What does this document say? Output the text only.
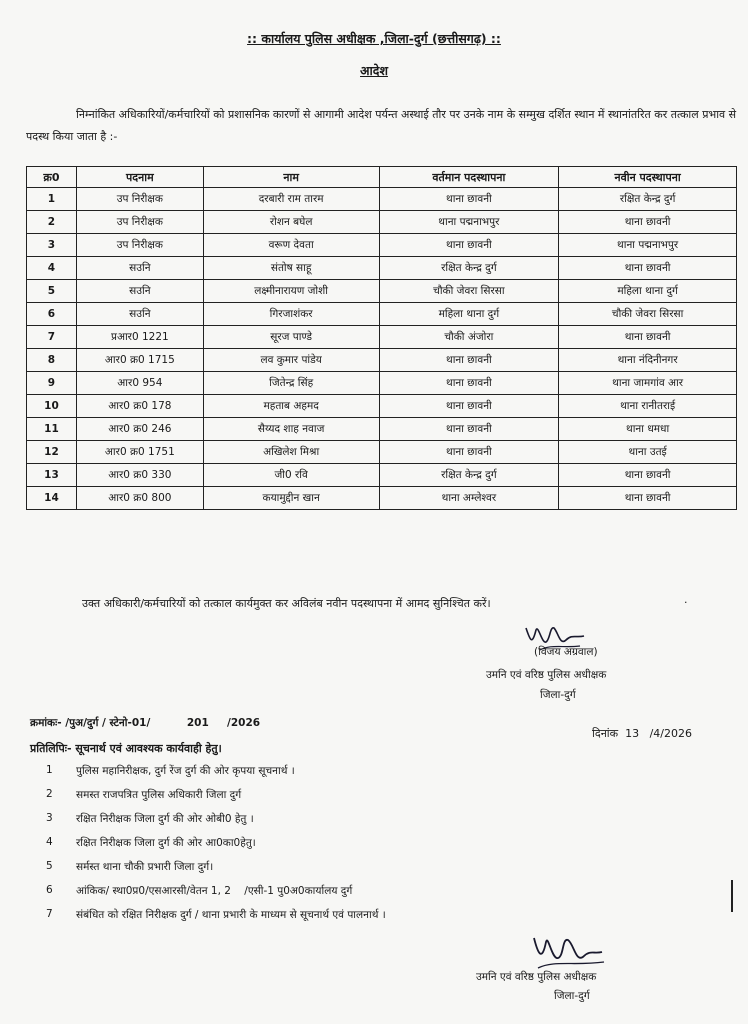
:: कार्यालय पुलिस अधीक्षक ,जिला-दुर्ग (छत्तीसगढ़) ::
आदेश
निम्नांकित अधिकारियों/कर्मचारियों को प्रशासनिक कारणों से आगामी आदेश पर्यन्त अस्थाई तौर पर उनके नाम के सम्मुख दर्शित स्थान में स्थानांतरित कर तत्काल प्रभाव से पदस्थ किया जाता है :-
क्र0	पदनाम	नाम	वर्तमान पदस्थापना	नवीन पदस्थापना
1	उप निरीक्षक	दरबारी राम तारम	थाना छावनी	रक्षित केन्द्र दुर्ग
2	उप निरीक्षक	रोशन बघेल	थाना पद्मनाभपुर	थाना छावनी
3	उप निरीक्षक	वरूण देवता	थाना छावनी	थाना पद्मनाभपुर
4	सउनि	संतोष साहू	रक्षित केन्द्र दुर्ग	थाना छावनी
5	सउनि	लक्ष्मीनारायण जोशी	चौकी जेवरा सिरसा	महिला थाना दुर्ग
6	सउनि	गिरजाशंकर	महिला थाना दुर्ग	चौकी जेवरा सिरसा
7	प्रआर0 1221	सूरज पाण्डे	चौकी अंजोरा	थाना छावनी
8	आर0 क्र0 1715	लव कुमार पांडेय	थाना छावनी	थाना नंदिनीनगर
9	आर0 954	जितेन्द्र सिंह	थाना छावनी	थाना जामगांव आर
10	आर0 क्र0 178	महताब अहमद	थाना छावनी	थाना रानीतराई
11	आर0 क्र0 246	सैय्यद शाह नवाज	थाना छावनी	थाना धमधा
12	आर0 क्र0 1751	अखिलेश मिश्रा	थाना छावनी	थाना उतई
13	आर0 क्र0 330	जी0 रवि	रक्षित केन्द्र दुर्ग	थाना छावनी
14	आर0 क्र0 800	कयामुद्दीन खान	थाना अम्लेश्वर	थाना छावनी
उक्त अधिकारी/कर्मचारियों को तत्काल कार्यमुक्त कर अविलंब नवीन पदस्थापना में आमद सुनिश्चित करें।	·
(विजय अग्रवाल)
उमनि एवं वरिष्ठ पुलिस अधीक्षक
जिला-दुर्ग
क्रमांकः- /पुअ/दुर्ग / स्टेनो-01/          201     /2026
दिनांक  13   /4/2026
प्रतिलिपिः- सूचनार्थ एवं आवश्यक कार्यवाही हेतु।
1	पुलिस महानिरीक्षक, दुर्ग रेंज दुर्ग की ओर कृपया सूचनार्थ ।
2	समस्त राजपत्रित पुलिस अधिकारी जिला दुर्ग
3	रक्षित निरीक्षक जिला दुर्ग की ओर ओबी0 हेतु ।
4	रक्षित निरीक्षक जिला दुर्ग की ओर आ0का0हेतु।
5	सर्मस्त थाना चौकी प्रभारी जिला दुर्ग।
6	आंकिक/ स्था0प्र0/एसआरसी/वेतन 1, 2    /एसी-1 पु0अ0कार्यालय दुर्ग
7	संबंधित को रक्षित निरीक्षक दुर्ग / थाना प्रभारी के माध्यम से सूचनार्थ एवं पालनार्थ ।
उमनि एवं वरिष्ठ पुलिस अधीक्षक
जिला-दुर्ग
